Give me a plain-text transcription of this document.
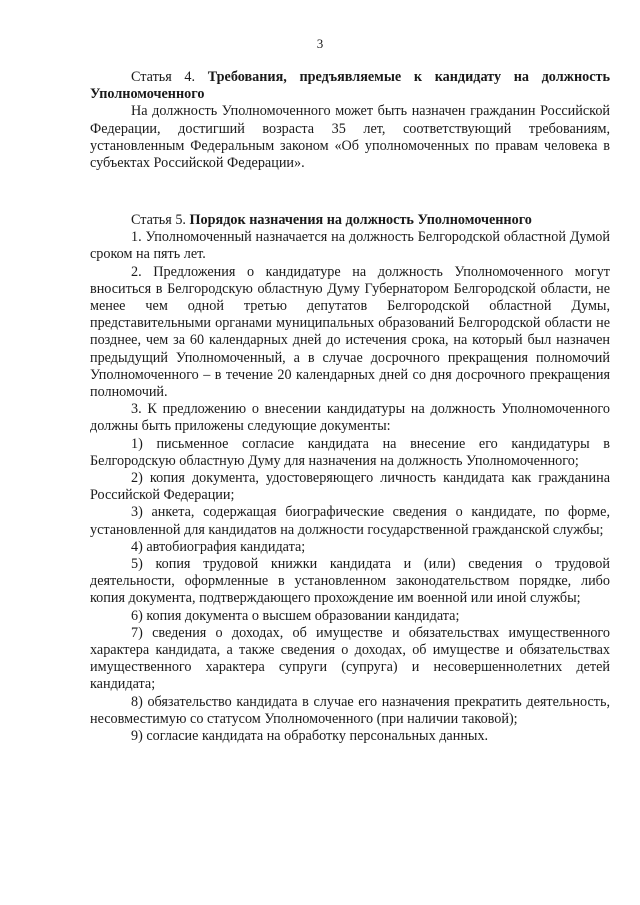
3

Статья 4. Требования, предъявляемые к кандидату на должность Уполномоченного

На должность Уполномоченного может быть назначен гражданин Российской Федерации, достигший возраста 35 лет, соответствующий требованиям, установленным Федеральным законом «Об уполномоченных по правам человека в субъектах Российской Федерации».

Статья 5. Порядок назначения на должность Уполномоченного

1. Уполномоченный назначается на должность Белгородской областной Думой сроком на пять лет.

2. Предложения о кандидатуре на должность Уполномоченного могут вноситься в Белгородскую областную Думу Губернатором Белгородской области, не менее чем одной третью депутатов Белгородской областной Думы, представительными органами муниципальных образований Белгородской области не позднее, чем за 60 календарных дней до истечения срока, на который был назначен предыдущий Уполномоченный, а в случае досрочного прекращения полномочий Уполномоченного – в течение 20 календарных дней со дня досрочного прекращения полномочий.

3. К предложению о внесении кандидатуры на должность Уполномоченного должны быть приложены следующие документы:

1) письменное согласие кандидата на внесение его кандидатуры в Белгородскую областную Думу для назначения на должность Уполномоченного;

2) копия документа, удостоверяющего личность кандидата как гражданина Российской Федерации;

3) анкета, содержащая биографические сведения о кандидате, по форме, установленной для кандидатов на должности государственной гражданской службы;

4) автобиография кандидата;

5) копия трудовой книжки кандидата и (или) сведения о трудовой деятельности, оформленные в установленном законодательством порядке, либо копия документа, подтверждающего прохождение им военной или иной службы;

6) копия документа о высшем образовании кандидата;

7) сведения о доходах, об имуществе и обязательствах имущественного характера кандидата, а также сведения о доходах, об имуществе и обязательствах имущественного характера супруги (супруга) и несовершеннолетних детей кандидата;

8) обязательство кандидата в случае его назначения прекратить деятельность, несовместимую со статусом Уполномоченного (при наличии таковой);

9) согласие кандидата на обработку персональных данных.
